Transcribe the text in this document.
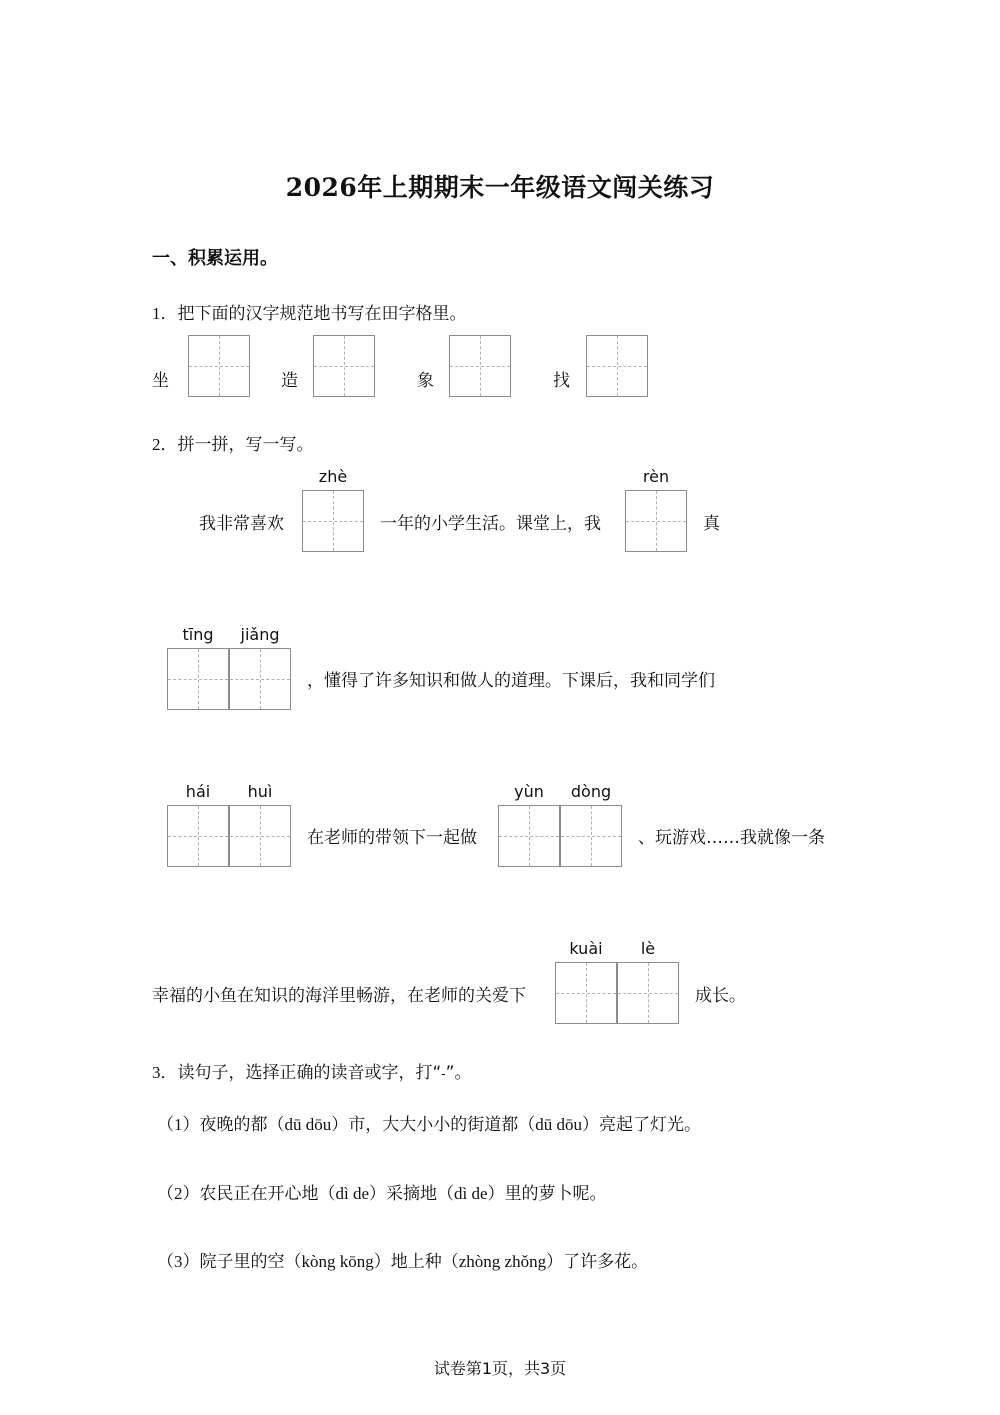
2026年上期期末一年级语文闯关练习
一、积累运用。
1．把下面的汉字规范地书写在田字格里。
坐	造	象	找
2．拼一拼，写一写。
我非常喜欢
zhè
一年的小学生活。课堂上，我
rèn
真
tīng	jiǎng
，懂得了许多知识和做人的道理。下课后，我和同学们
hái	huì
在老师的带领下一起做
yùn	dòng
、玩游戏……我就像一条
幸福的小鱼在知识的海洋里畅游，在老师的关爱下
kuài	lè
成长。
3．读句子，选择正确的读音或字，打“-”。
（1）夜晚的都（dū dōu）市，大大小小的街道都（dū dōu）亮起了灯光。
（2）农民正在开心地（dì de）采摘地（dì de）里的萝卜呢。
（3）院子里的空（kòng kōng）地上种（zhòng zhǒng）了许多花。
试卷第1页，共3页
